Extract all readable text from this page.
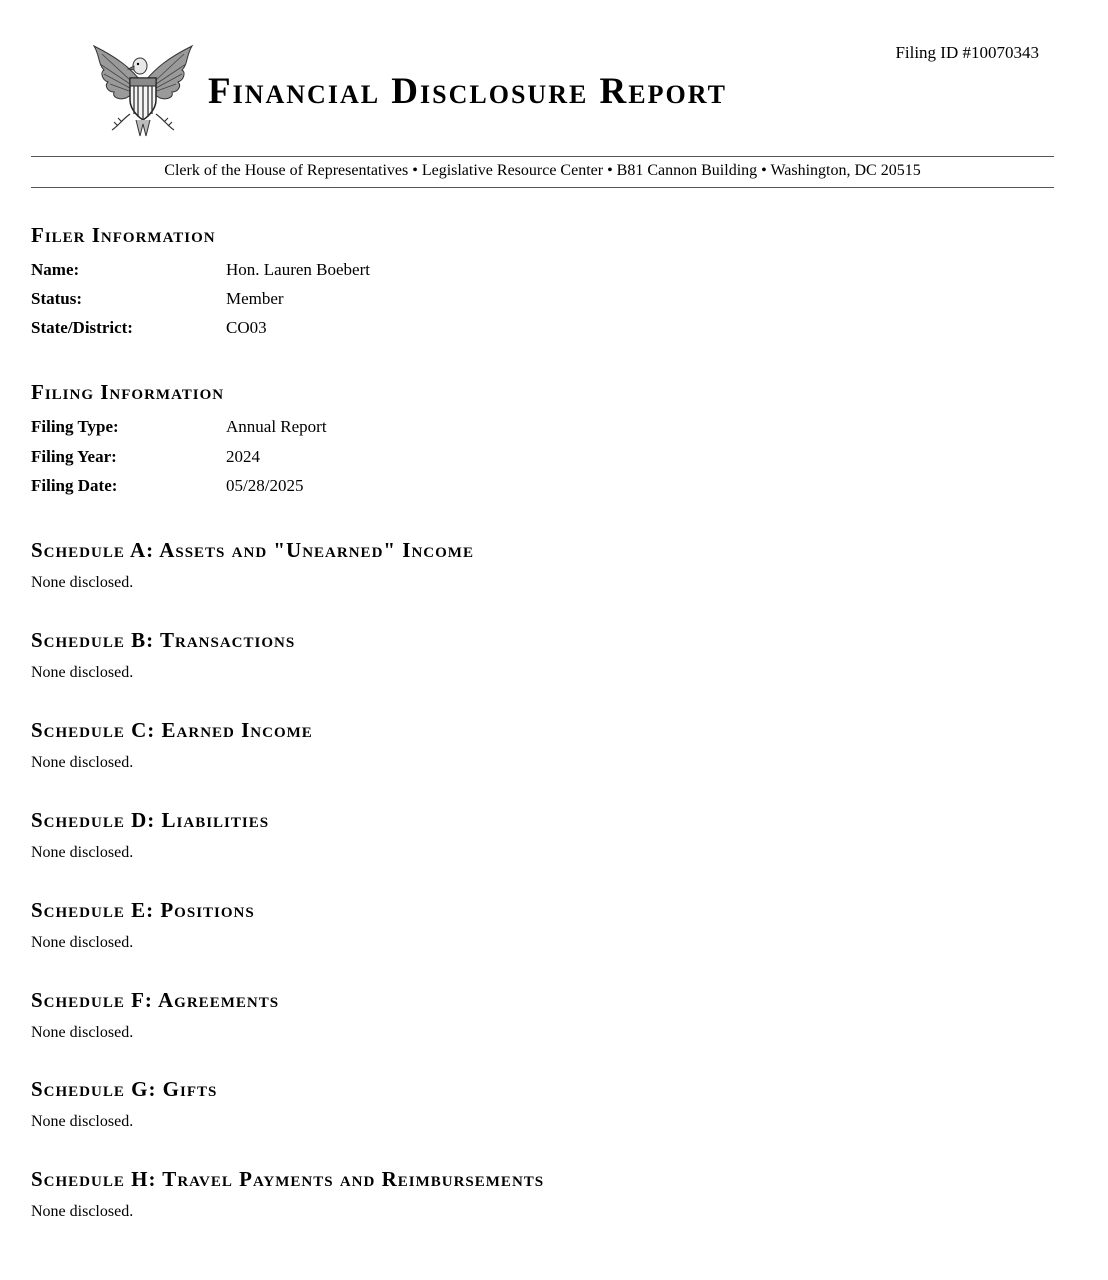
Filing ID #10070343
Financial Disclosure Report
Clerk of the House of Representatives • Legislative Resource Center • B81 Cannon Building • Washington, DC 20515
Filer Information
Name:	Hon. Lauren Boebert
Status:	Member
State/District:	CO03
Filing Information
Filing Type:	Annual Report
Filing Year:	2024
Filing Date:	05/28/2025
Schedule A: Assets and "Unearned" Income
None disclosed.
Schedule B: Transactions
None disclosed.
Schedule C: Earned Income
None disclosed.
Schedule D: Liabilities
None disclosed.
Schedule E: Positions
None disclosed.
Schedule F: Agreements
None disclosed.
Schedule G: Gifts
None disclosed.
Schedule H: Travel Payments and Reimbursements
None disclosed.
